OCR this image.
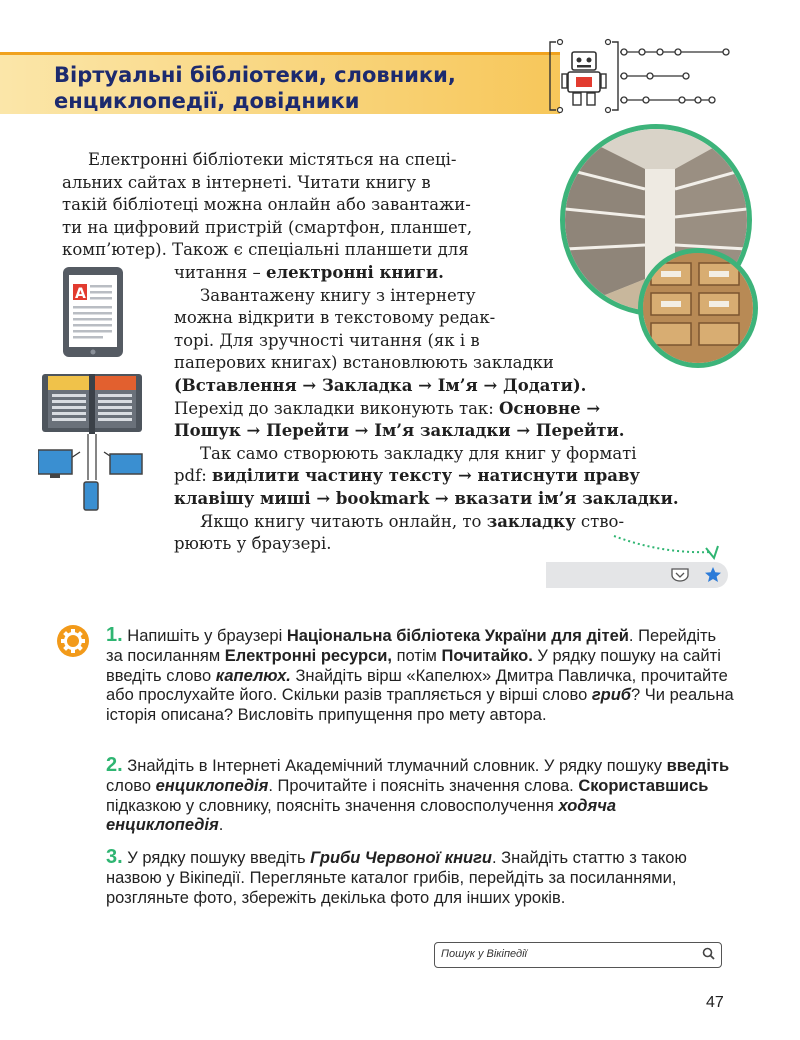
Віртуальні бібліотеки, словники,
енциклопедії, довідники
Електронні бібліотеки містяться на спеці-
альних сайтах в інтернеті. Читати книгу в
такій бібліотеці можна онлайн або завантажи-
ти на цифровий пристрій (смартфон, планшет,
комп’ютер). Також є спеціальні планшети для
A
читання – електронні книги.
Завантажену книгу з інтернету
можна відкрити в текстовому редак-
торі. Для зручності читання (як і в
паперових книгах) встановлюють закладки
(Вставлення → Закладка → Ім’я → Додати).
Перехід до закладки виконують так: Основне →
Пошук → Перейти → Ім’я закладки → Перейти.
Так само створюють закладку для книг у форматі
pdf: виділити частину тексту → натиснути праву
клавішу миші → bookmark → вказати ім’я закладки.
Якщо книгу читають онлайн, то закладку ство-
рюють у браузері.
1. Напишіть у браузері Національна бібліотека України для дітей. Перейдіть за посиланням Електронні ресурси, потім Почитайко. У рядку пошуку на сайті введіть слово капелюх. Знайдіть вірш «Капелюх» Дмитра Павличка, прочитайте або прослухайте його. Скільки разів трапляється у вірші слово гриб? Чи реальна історія описана? Висловіть припущення про мету автора.
2. Знайдіть в Інтернеті Академічний тлумачний словник. У рядку пошуку введіть слово енциклопедія. Прочитайте і поясніть значення слова. Скориставшись підказкою у словнику, поясніть значення словосполучення ходяча енциклопедія.
3. У рядку пошуку введіть Гриби Червоної книги. Знайдіть статтю з такою назвою у Вікіпедії. Перегляньте каталог грибів, перейдіть за посиланнями, розгляньте фото, збережіть декілька фото для інших уроків.
Пошук у Вікіпедії
47
